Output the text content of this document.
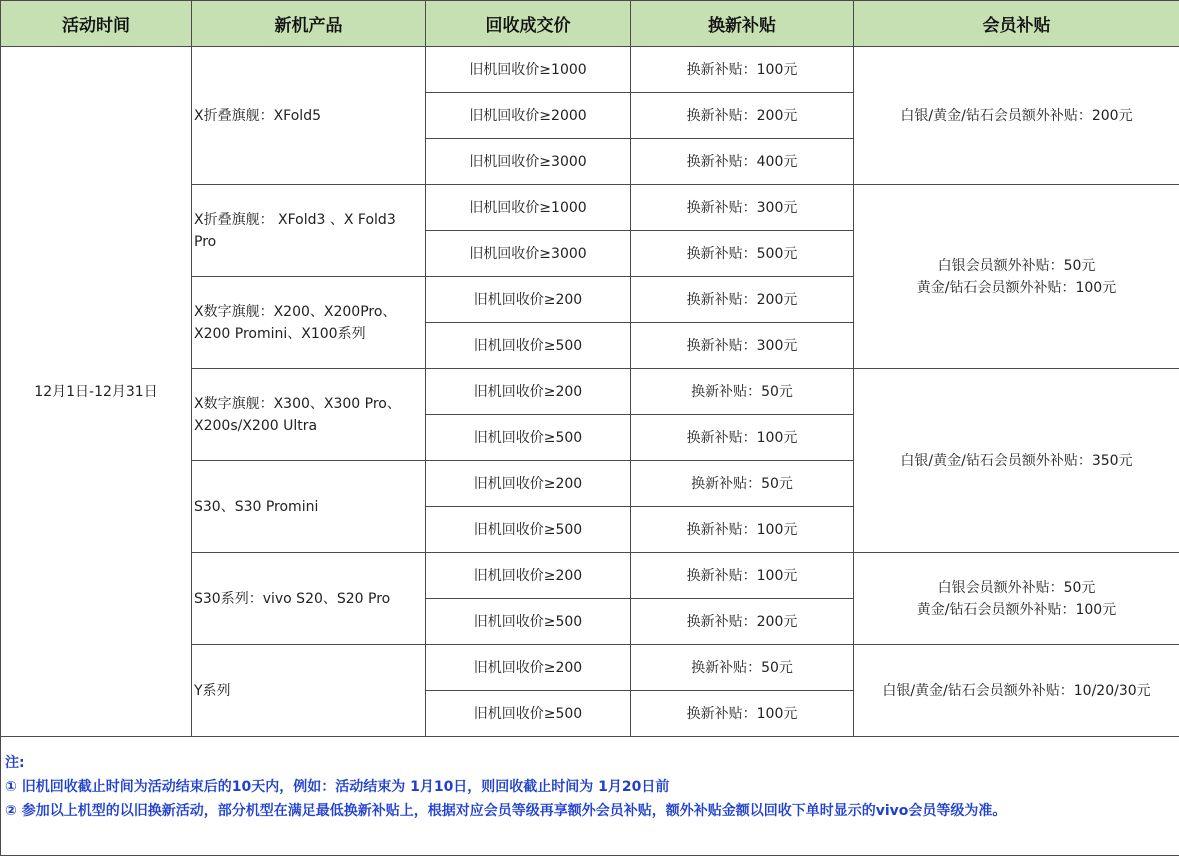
活动时间	新机产品	回收成交价	换新补贴	会员补贴
12月1日-12月31日	X折叠旗舰：XFold5	旧机回收价≥1000	换新补贴：100元	白银/黄金/钻石会员额外补贴：200元

		旧机回收价≥2000	换新补贴：200元	
		旧机回收价≥3000	换新补贴：400元	

	X折叠旗舰： XFold3 、X Fold3
Pro	旧机回收价≥1000	换新补贴：300元	白银会员额外补贴：50元
黄金/钻石会员额外补贴：100元

		旧机回收价≥3000	换新补贴：500元	

	X数字旗舰：X200、X200Pro、
X200 Promini、X100系列	旧机回收价≥200	换新补贴：200元	
		旧机回收价≥500	换新补贴：300元	

	X数字旗舰：X300、X300 Pro、
X200s/X200 Ultra	旧机回收价≥200	换新补贴：50元	白银/黄金/钻石会员额外补贴：350元

		旧机回收价≥500	换新补贴：100元	

	S30、S30 Promini	旧机回收价≥200	换新补贴：50元	
		旧机回收价≥500	换新补贴：100元	

	S30系列：vivo S20、S20 Pro	旧机回收价≥200	换新补贴：100元	白银会员额外补贴：50元
黄金/钻石会员额外补贴：100元

		旧机回收价≥500	换新补贴：200元	

	Y系列	旧机回收价≥200	换新补贴：50元	白银/黄金/钻石会员额外补贴：10/20/30元

		旧机回收价≥500	换新补贴：100元	

注:
① 旧机回收截止时间为活动结束后的10天内，例如：活动结束为 1月10日，则回收截止时间为 1月20日前
② 参加以上机型的以旧换新活动，部分机型在满足最低换新补贴上，根据对应会员等级再享额外会员补贴，额外补贴金额以回收下单时显示的vivo会员等级为准。				
